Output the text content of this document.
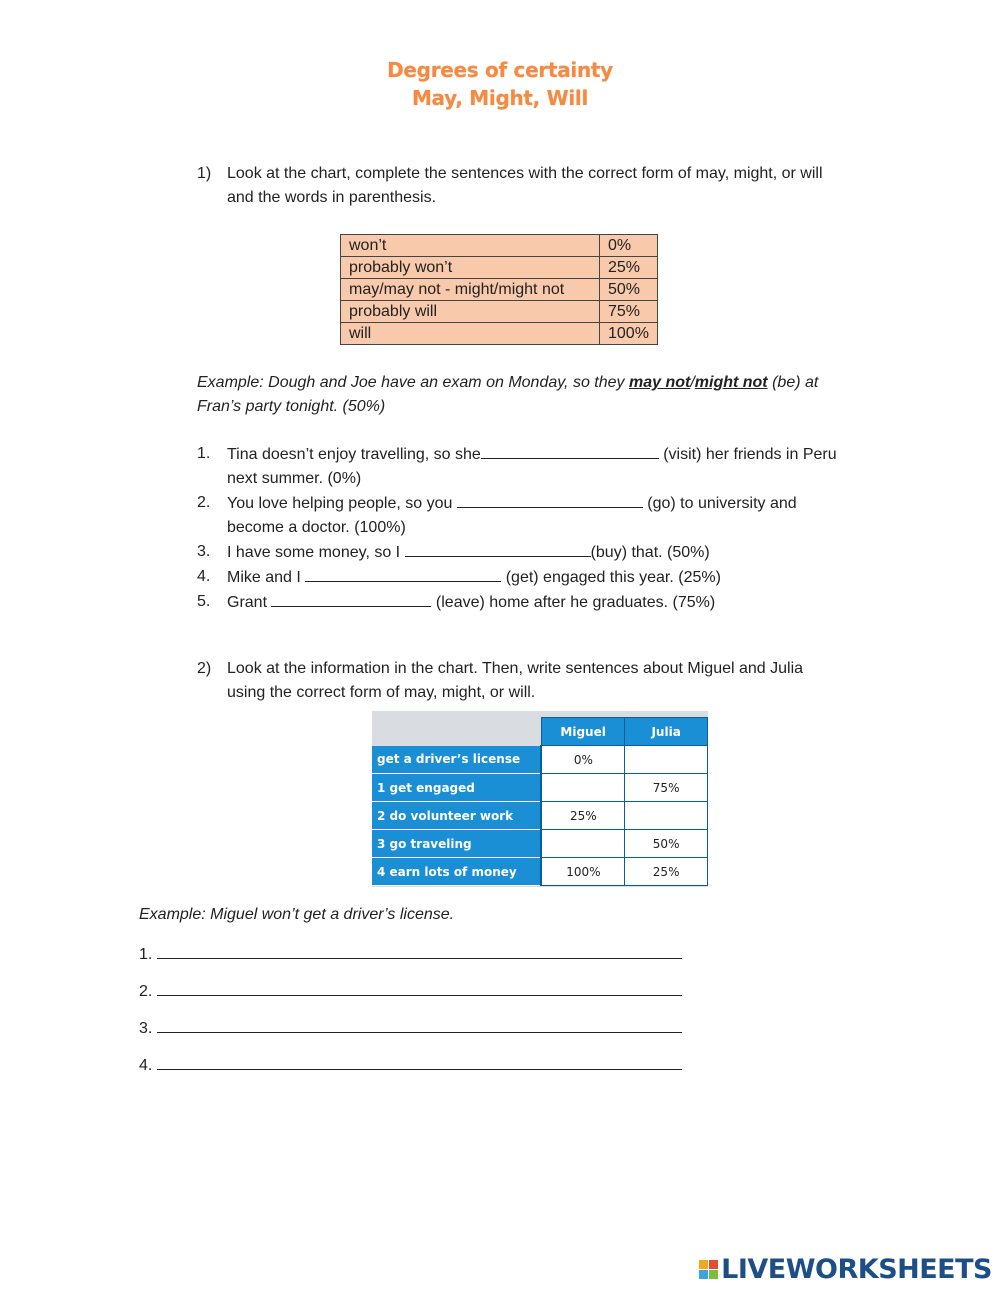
Degrees of certainty
May, Might, Will
1) Look at the chart, complete the sentences with the correct form of may, might, or will
and the words in parenthesis.
won’t	0%
probably won’t	25%
may/may not - might/might not	50%
probably will	75%
will	100%
Example: Dough and Joe have an exam on Monday, so they may not/might not (be) at
Fran’s party tonight. (50%)
1.	Tina doesn’t enjoy travelling, so she	(visit) her friends in Peru
next summer. (0%)
2.	You love helping people, so you	(go) to university and
become a doctor. (100%)
3.	I have some money, so I	(buy) that. (50%)
4.	Mike and I	(get) engaged this year. (25%)
5.	Grant	(leave) home after he graduates. (75%)
2) Look at the information in the chart. Then, write sentences about Miguel and Julia
using the correct form of may, might, or will.
	Miguel	Julia
get a driver’s license	0%	
1 get engaged		75%
2 do volunteer work	25%	
3 go traveling		50%
4 earn lots of money	100%	25%
Example: Miguel won’t get a driver’s license.
1.
2.
3.
4.
LIVEWORKSHEETS
